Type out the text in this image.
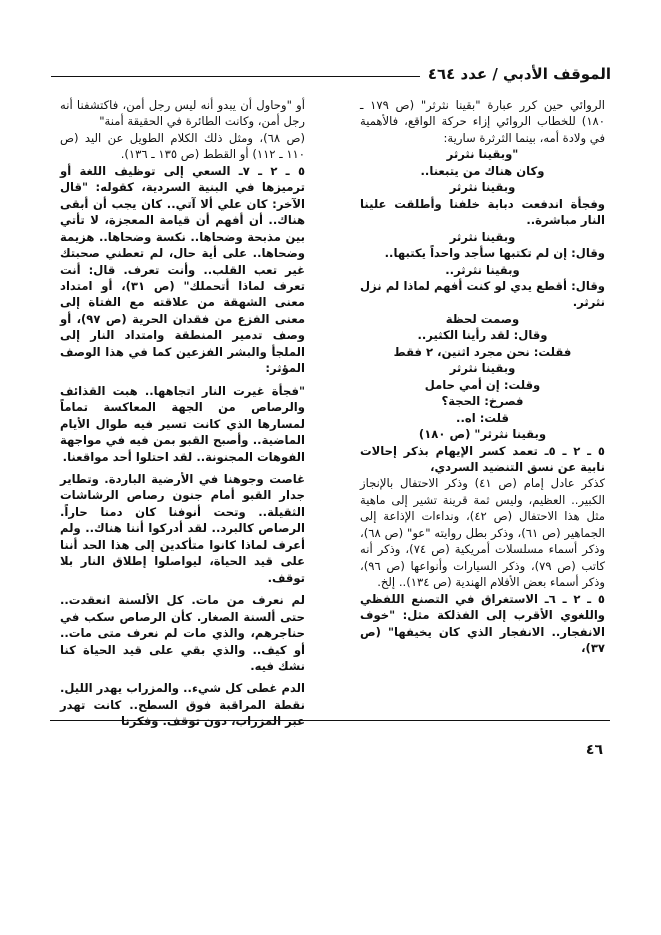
الموقف الأدبي / عدد ٤٦٤

الروائي حين كرر عبارة "بقينا نثرثر" (ص ١٧٩ ـ ١٨٠) للخطاب الروائي إزاء حركة الواقع، فالأهمية في ولادة أمه، بينما الثرثرة سارية:

"وبقينا نثرثر

وكان هناك من يتبعنا..

وبقينا نثرثر

وفجأة اندفعت دبابة خلفنا وأطلقت علينا النار مباشرة..

وبقينا نثرثر

وقال: إن لم تكتبها سأجد واحداً يكتبها..

وبقينا نثرثر..

وقال: أقطع يدي لو كنت أفهم لماذا لم نزل نثرثر.

وصمت لحظة

وقال: لقد رأينا الكثير..

فقلت: نحن مجرد اثنين، ٢ فقط

وبقينا نثرثر

وقلت: إن أمي حامل

فصرخ: الحجة؟

قلت: اه..

وبقينا نثرثر" (ص ١٨٠)

٥ ـ ٢ ـ ٥ـ تعمد كسر الإيهام بذكر إحالات نابية عن نسق التنضيد السردي،

كذكر عادل إمام (ص ٤١) وذكر الاحتفال بالإنجاز الكبير.. العظيم، وليس ثمة قرينة تشير إلى ماهية مثل هذا الاحتفال (ص ٤٢)، ونداءات الإذاعة إلى الجماهير (ص ٦١)، وذكر بطل روايته "عو" (ص ٦٨)، وذكر أسماء مسلسلات أمريكية (ص ٧٤)، وذكر أنه كاتب (ص ٧٩)، وذكر السيارات وأنواعها (ص ٩٦)، وذكر أسماء بعض الأفلام الهندية (ص ١٣٤).. إلخ.

٥ ـ ٢ ـ ٦ـ الاستغراق في التصنع اللفظي واللغوي الأقرب إلى الفذلكة مثل: "خوف الانفجار.. الانفجار الذي كان يخيفها" (ص ٣٧)،

أو "وحاول أن يبدو أنه ليس رجل أمن، فاكتشفنا أنه رجل أمن، وكانت الطائرة في الحقيقة أمنة"

(ص ٦٨)، ومثل ذلك الكلام الطويل عن اليد (ص ١١٠ ـ ١١٢) أو القطط (ص ١٣٥ ـ ١٣٦).

٥ ـ ٢ ـ ٧ـ السعي إلى توظيف اللغة أو ترميزها في البنية السردية، كقوله: "قال الآخر: كان علي ألا آتي.. كان يجب أن أبقى هناك.. أن أفهم أن قيامة المعجزة، لا تأتي بين مذبحة وضحاها.. نكسة وضحاها.. هزيمة وضحاها.. على أية حال، لم تعطني صحبتك غير تعب القلب.. وأنت تعرف. قال: أنت تعرف لماذا أتحملك" (ص ٣١)، أو امتداد معنى الشهقة من علاقته مع الفتاة إلى معنى الفزع من فقدان الحرية (ص ٩٧)، أو وصف تدمير المنطقة وامتداد النار إلى الملجأ والبشر الفزعين كما في هذا الوصف المؤثر:

"فجأة غيرت النار اتجاهها.. هبت القذائف والرصاص من الجهة المعاكسة تماماً لمسارها الذي كانت تسير فيه طوال الأيام الماضية.. وأصبح القبو بمن فيه في مواجهة الفوهات المجنونة.. لقد احتلوا أحد مواقعنا.

غاصت وجوهنا في الأرضية الباردة. وتطاير جدار القبو أمام جنون رصاص الرشاشات الثقيلة.. وتحت أنوفنا كان دمنا حاراً. الرصاص كالبرد.. لقد أدركوا أننا هناك.. ولم أعرف لماذا كانوا متأكدين إلى هذا الحد أننا على قيد الحياة، ليواصلوا إطلاق النار بلا توقف.

لم نعرف من مات. كل الألسنة انعقدت.. حتى ألسنة الصغار. كأن الرصاص سكب في حناجرهم، والذي مات لم نعرف متى مات.. أو كيف.. والذي بقي على قيد الحياة كنا نشك فيه.

الدم غطى كل شيء.. والمزراب يهدر الليل. نقطة المراقبة فوق السطح.. كانت تهدر عبر المزراب، دون توقف. وفكرنا

٤٦
